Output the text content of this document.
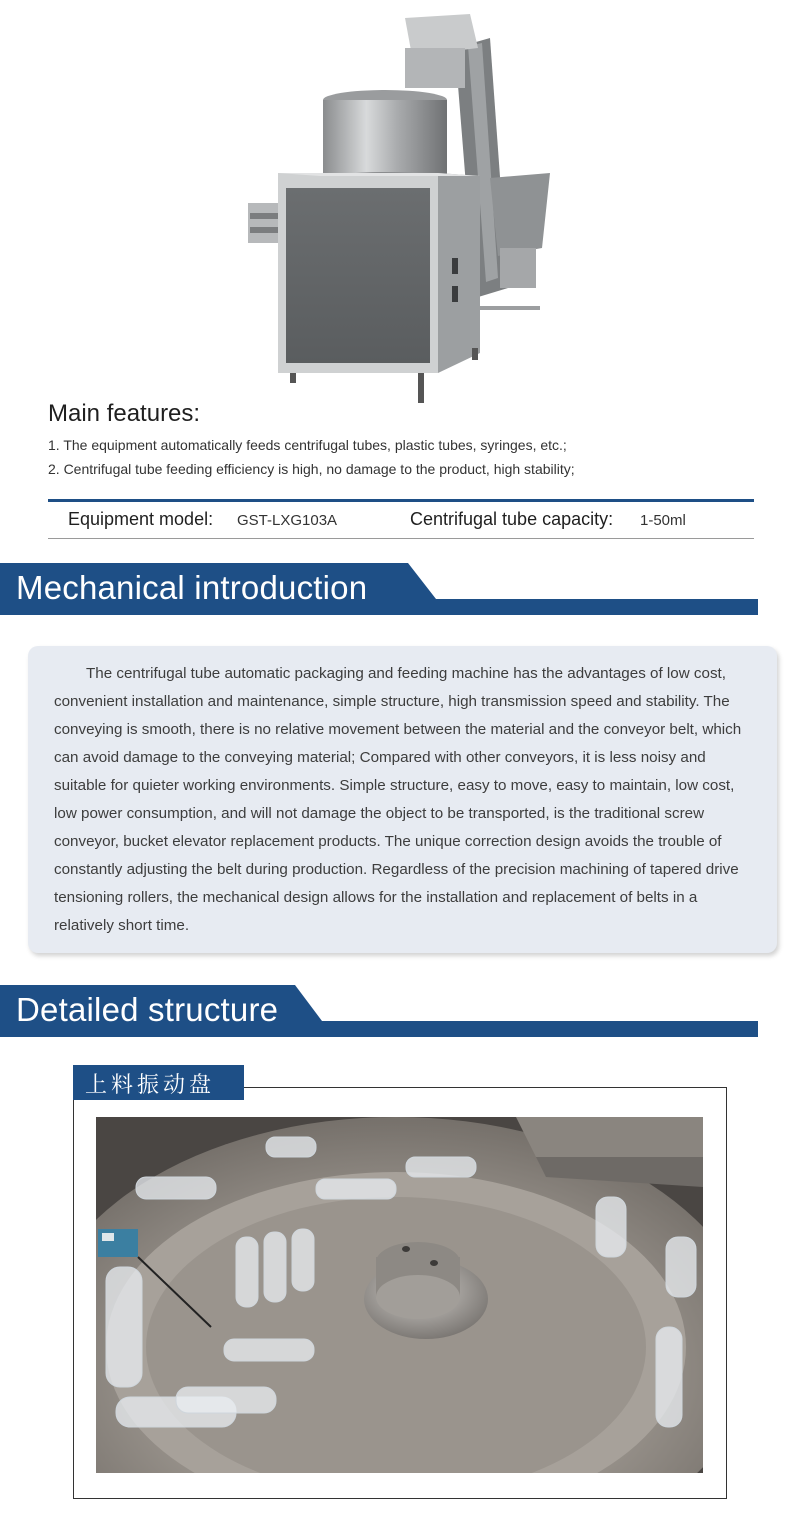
Main features:
1. The equipment automatically feeds centrifugal tubes, plastic tubes, syringes, etc.;
2. Centrifugal tube feeding efficiency is high, no damage to the product, high stability;
Equipment model: GST-LXG103A	Centrifugal tube capacity: 1-50ml
Mechanical introduction
The centrifugal tube automatic packaging and feeding machine has the advantages of low cost, convenient installation and maintenance, simple structure, high transmission speed and stability. The conveying is smooth, there is no relative movement between the material and the conveyor belt, which can avoid damage to the conveying material; Compared with other conveyors, it is less noisy and suitable for quieter working environments. Simple structure, easy to move, easy to maintain, low cost, low power consumption, and will not damage the object to be transported, is the traditional screw conveyor, bucket elevator replacement products. The unique correction design avoids the trouble of constantly adjusting the belt during production. Regardless of the precision machining of tapered drive tensioning rollers, the mechanical design allows for the installation and replacement of belts in a relatively short time.
Detailed structure
上料振动盘
